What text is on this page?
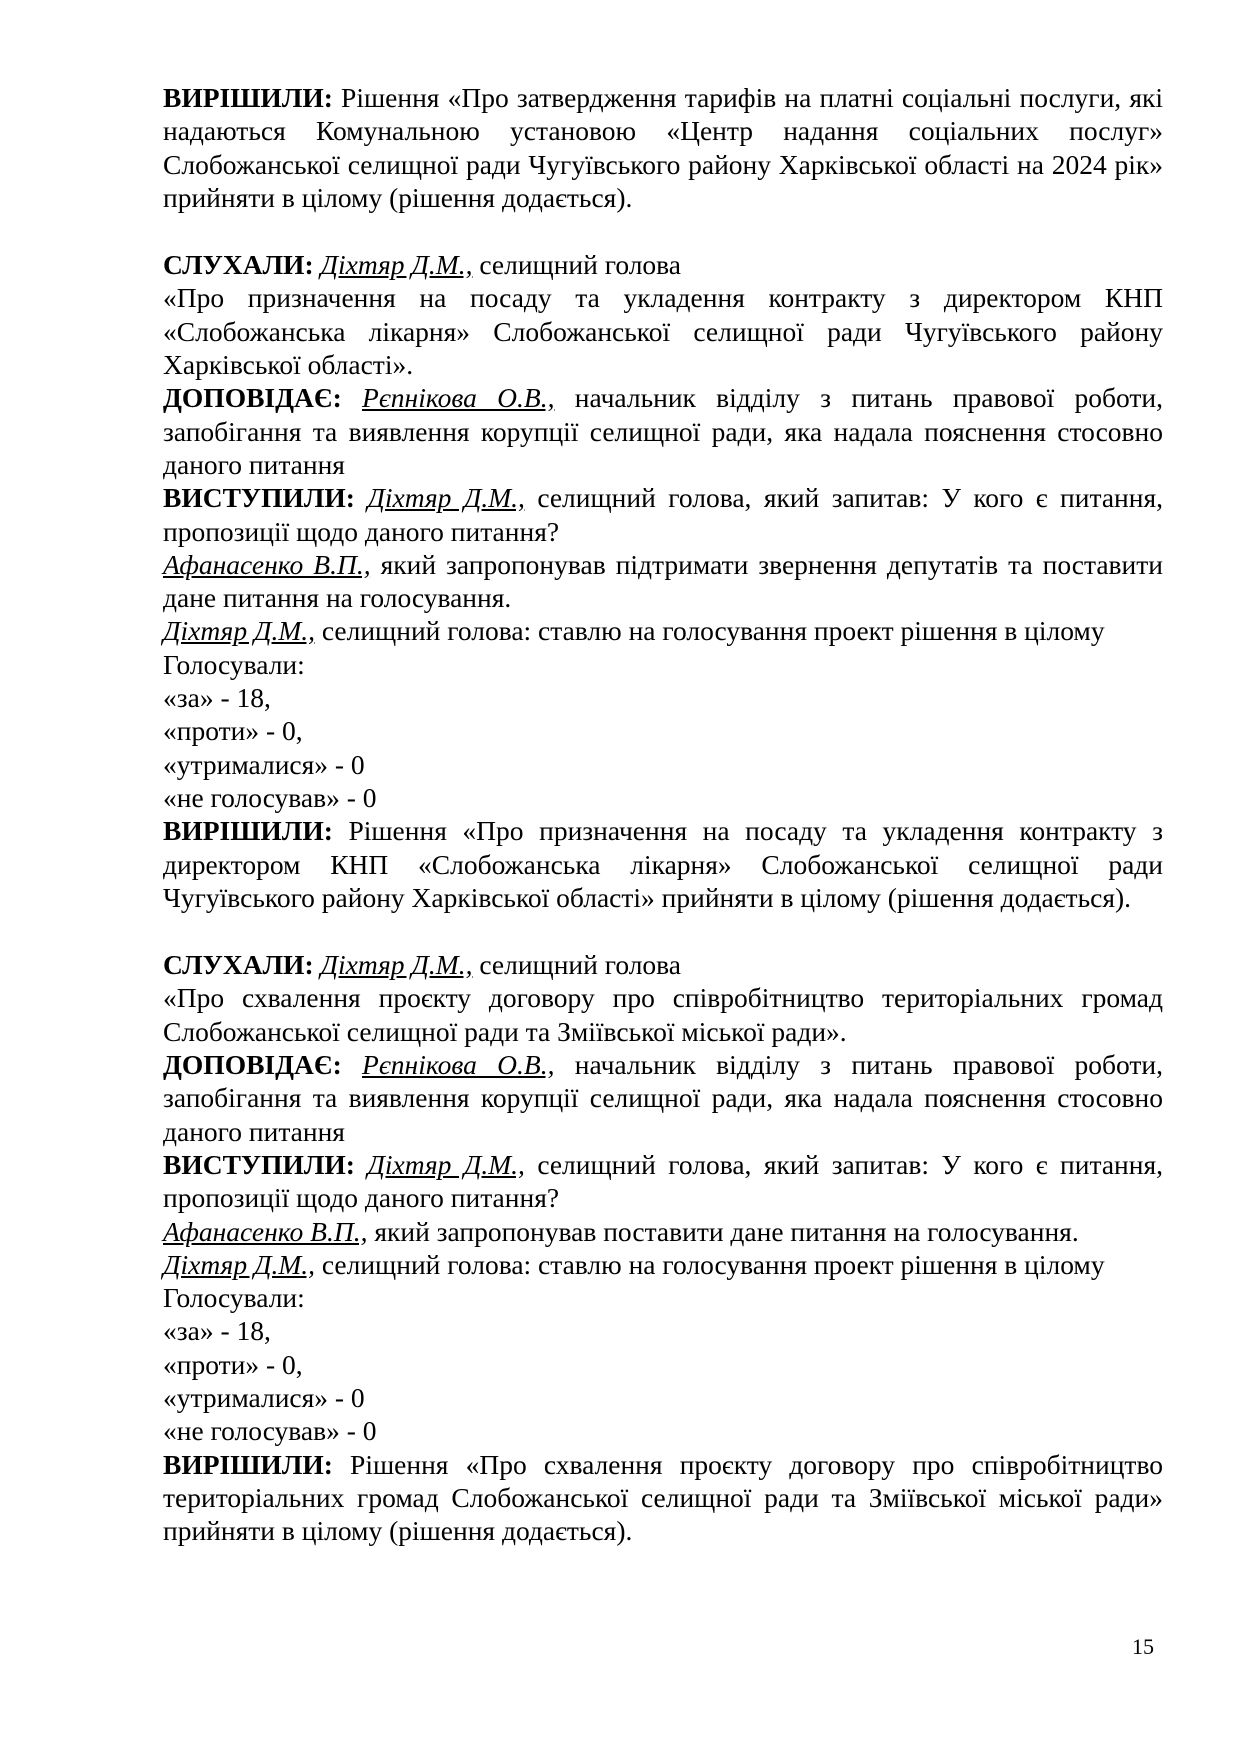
ВИРІШИЛИ: Рішення «Про затвердження тарифів на платні соціальні послуги, які надаються Комунальною установою «Центр надання соціальних послуг» Слобожанської селищної ради Чугуївського району Харківської області на 2024 рік» прийняти в цілому (рішення додається).

СЛУХАЛИ: Діхтяр Д.М., селищний голова

«Про призначення на посаду та укладення контракту з директором КНП «Слобожанська лікарня» Слобожанської селищної ради Чугуївського району Харківської області».

ДОПОВІДАЄ: Рєпнікова О.В., начальник відділу з питань правової роботи, запобігання та виявлення корупції селищної ради, яка надала пояснення стосовно даного питання

ВИСТУПИЛИ: Діхтяр Д.М., селищний голова, який запитав: У кого є питання, пропозиції щодо даного питання?

Афанасенко В.П., який запропонував підтримати звернення депутатів та поставити дане питання на голосування.

Діхтяр Д.М., селищний голова: ставлю на голосування проект рішення в цілому

Голосували:

«за» - 18,

«проти» - 0,

«утрималися» - 0

«не голосував» - 0

ВИРІШИЛИ: Рішення «Про призначення на посаду та укладення контракту з директором КНП «Слобожанська лікарня» Слобожанської селищної ради Чугуївського району Харківської області» прийняти в цілому (рішення додається).

СЛУХАЛИ: Діхтяр Д.М., селищний голова

«Про схвалення проєкту договору про співробітництво територіальних громад Слобожанської селищної ради та Зміївської міської ради».

ДОПОВІДАЄ: Рєпнікова О.В., начальник відділу з питань правової роботи, запобігання та виявлення корупції селищної ради, яка надала пояснення стосовно даного питання

ВИСТУПИЛИ: Діхтяр Д.М., селищний голова, який запитав: У кого є питання, пропозиції щодо даного питання?

Афанасенко В.П., який запропонував поставити дане питання на голосування.

Діхтяр Д.М., селищний голова: ставлю на голосування проект рішення в цілому

Голосували:

«за» - 18,

«проти» - 0,

«утрималися» - 0

«не голосував» - 0

ВИРІШИЛИ: Рішення «Про схвалення проєкту договору про співробітництво територіальних громад Слобожанської селищної ради та Зміївської міської ради» прийняти в цілому (рішення додається).

15
